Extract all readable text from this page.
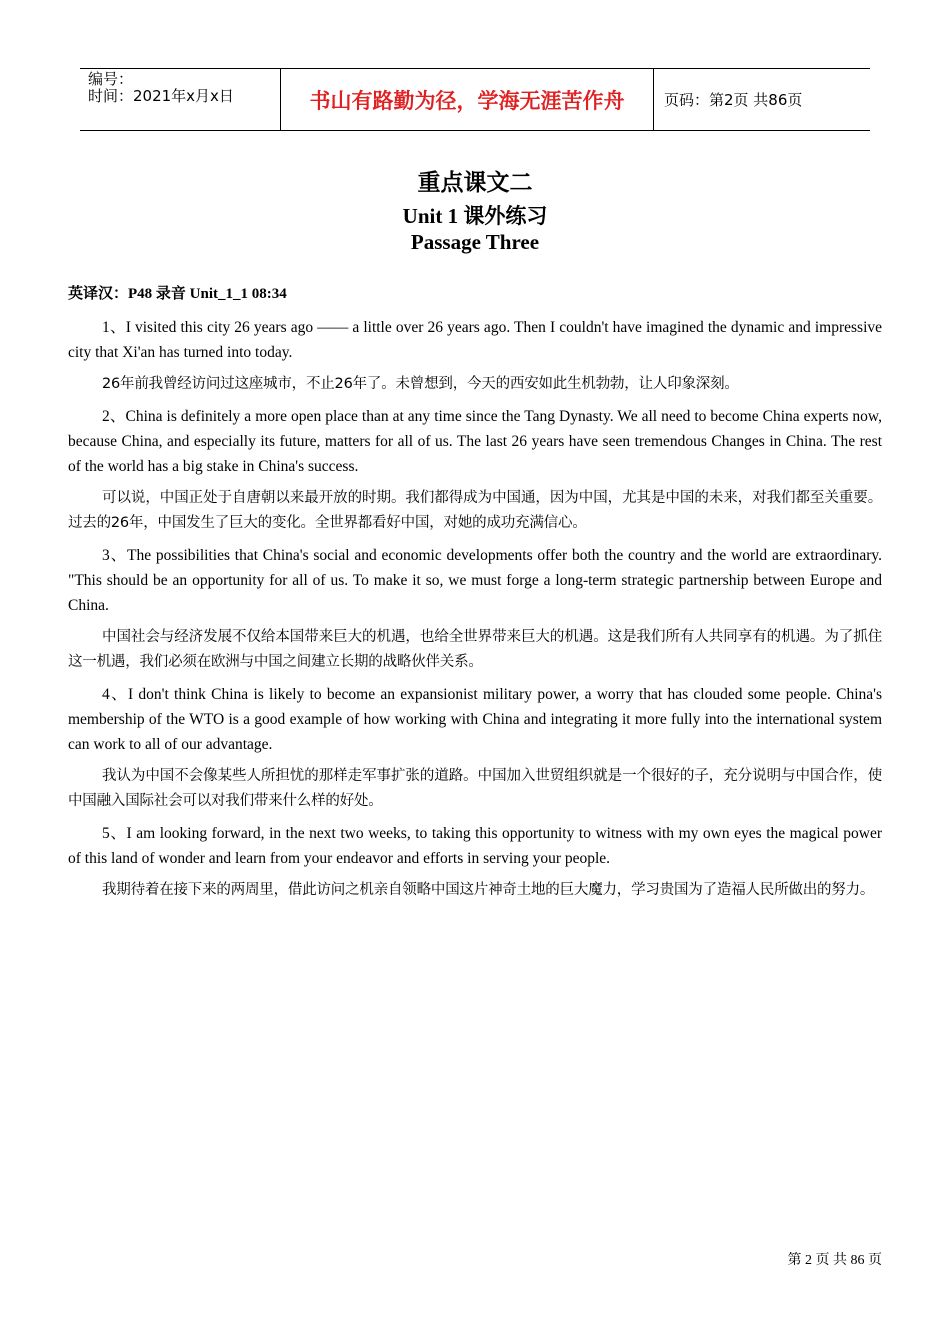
编号：
时间：2021年x月x日	书山有路勤为径，学海无涯苦作舟	页码：第2页 共86页
重点课文二
Unit 1 课外练习
Passage Three
英译汉：P48 录音 Unit_1_1 08:34

1、I visited this city 26 years ago —— a little over 26 years ago. Then I couldn't have imagined the dynamic and impressive city that Xi'an has turned into today.

26年前我曾经访问过这座城市，不止26年了。未曾想到，今天的西安如此生机勃勃，让人印象深刻。

2、China is definitely a more open place than at any time since the Tang Dynasty. We all need to become China experts now, because China, and especially its future, matters for all of us. The last 26 years have seen tremendous Changes in China. The rest of the world has a big stake in China's success.

可以说，中国正处于自唐朝以来最开放的时期。我们都得成为中国通，因为中国，尤其是中国的未来，对我们都至关重要。过去的26年，中国发生了巨大的变化。全世界都看好中国，对她的成功充满信心。

3、The possibilities that China's social and economic developments offer both the country and the world are extraordinary. "This should be an opportunity for all of us. To make it so, we must forge a long-term strategic partnership between Europe and China.

中国社会与经济发展不仅给本国带来巨大的机遇，也给全世界带来巨大的机遇。这是我们所有人共同享有的机遇。为了抓住这一机遇，我们必须在欧洲与中国之间建立长期的战略伙伴关系。

4、I don't think China is likely to become an expansionist military power, a worry that has clouded some people. China's membership of the WTO is a good example of how working with China and integrating it more fully into the international system can work to all of our advantage.

我认为中国不会像某些人所担忧的那样走军事扩张的道路。中国加入世贸组织就是一个很好的子，充分说明与中国合作，使中国融入国际社会可以对我们带来什么样的好处。

5、I am looking forward, in the next two weeks, to taking this opportunity to witness with my own eyes the magical power of this land of wonder and learn from your endeavor and efforts in serving your people.

我期待着在接下来的两周里，借此访问之机亲自领略中国这片神奇土地的巨大魔力，学习贵国为了造福人民所做出的努力。

第 2 页 共 86 页
